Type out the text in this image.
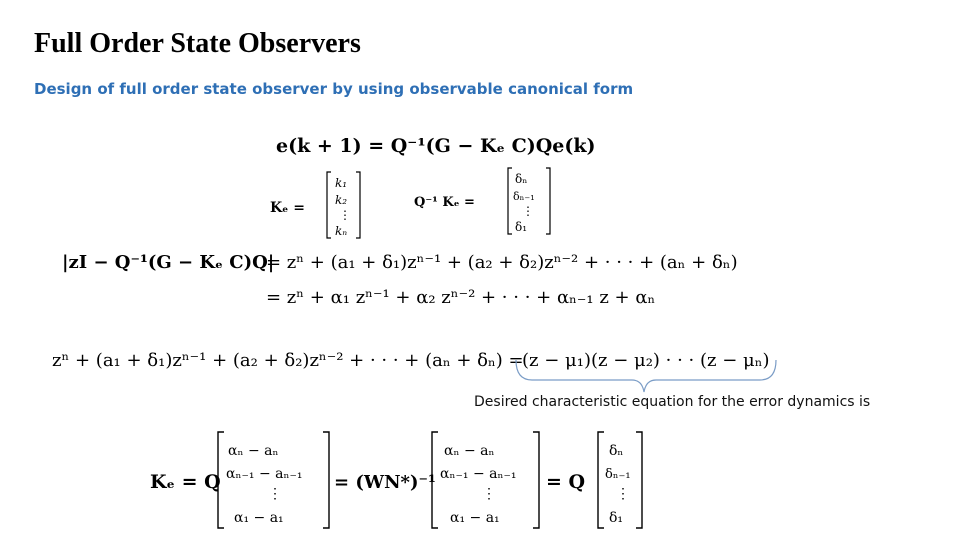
Full Order State Observers
Design of full order state observer by using observable canonical form
e(k + 1) = Q⁻¹(G − Kₑ C)Qe(k)
Kₑ =
k₁
k₂
⋮
kₙ
Q⁻¹ Kₑ =
δₙ
δₙ₋₁
⋮
δ₁
|zI − Q⁻¹(G − Kₑ C)Q|
= zⁿ + (a₁ + δ₁)zⁿ⁻¹ + (a₂ + δ₂)zⁿ⁻² + · · · + (aₙ + δₙ)
= zⁿ + α₁ zⁿ⁻¹ + α₂ zⁿ⁻² + · · · + αₙ₋₁ z + αₙ
zⁿ + (a₁ + δ₁)zⁿ⁻¹ + (a₂ + δ₂)zⁿ⁻² + · · · + (aₙ + δₙ) =
(z − μ₁)(z − μ₂) · · · (z − μₙ)
Kₑ = Q
αₙ − aₙ
αₙ₋₁ − aₙ₋₁
⋮
α₁ − a₁
= (WN*)⁻¹
αₙ − aₙ
αₙ₋₁ − aₙ₋₁
⋮
α₁ − a₁
= Q
δₙ
δₙ₋₁
⋮
δ₁
Desired characteristic equation for the error dynamics is
